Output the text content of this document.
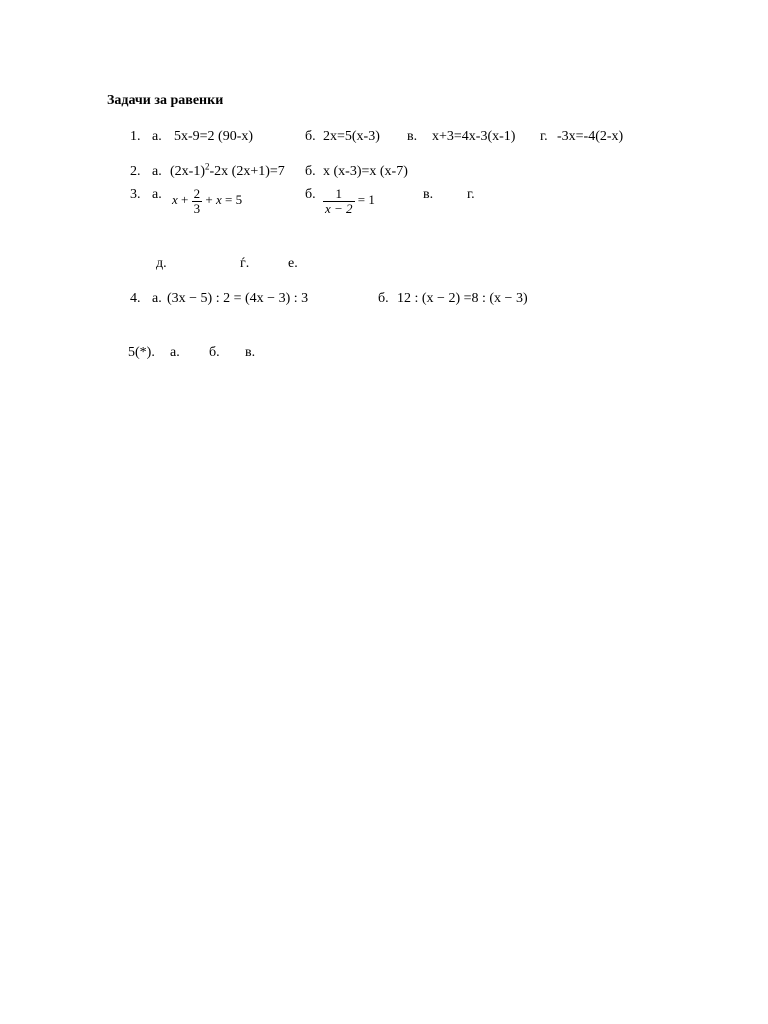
Задачи за равенки
1. а. 5x-9=2 (90-x)	б. 2x=5(x-3) в. x+3=4x-3(x-1) г. -3x=-4(2-x)
2. а. $(2x-1)^2-2x$ (2x+1)=7 б. x (x-3)=x (x-7)
3. а. $x + \frac{2}{3} + x = 5$	б. $\frac{1}{x - 2} = 1$	в. г.
д.	ѓ.	е.
4. а. (3x − 5) : 2 = (4x − 3) : 3	б. 12 : (x − 2) =8 : (x − 3)
5(*). а. б. в.
